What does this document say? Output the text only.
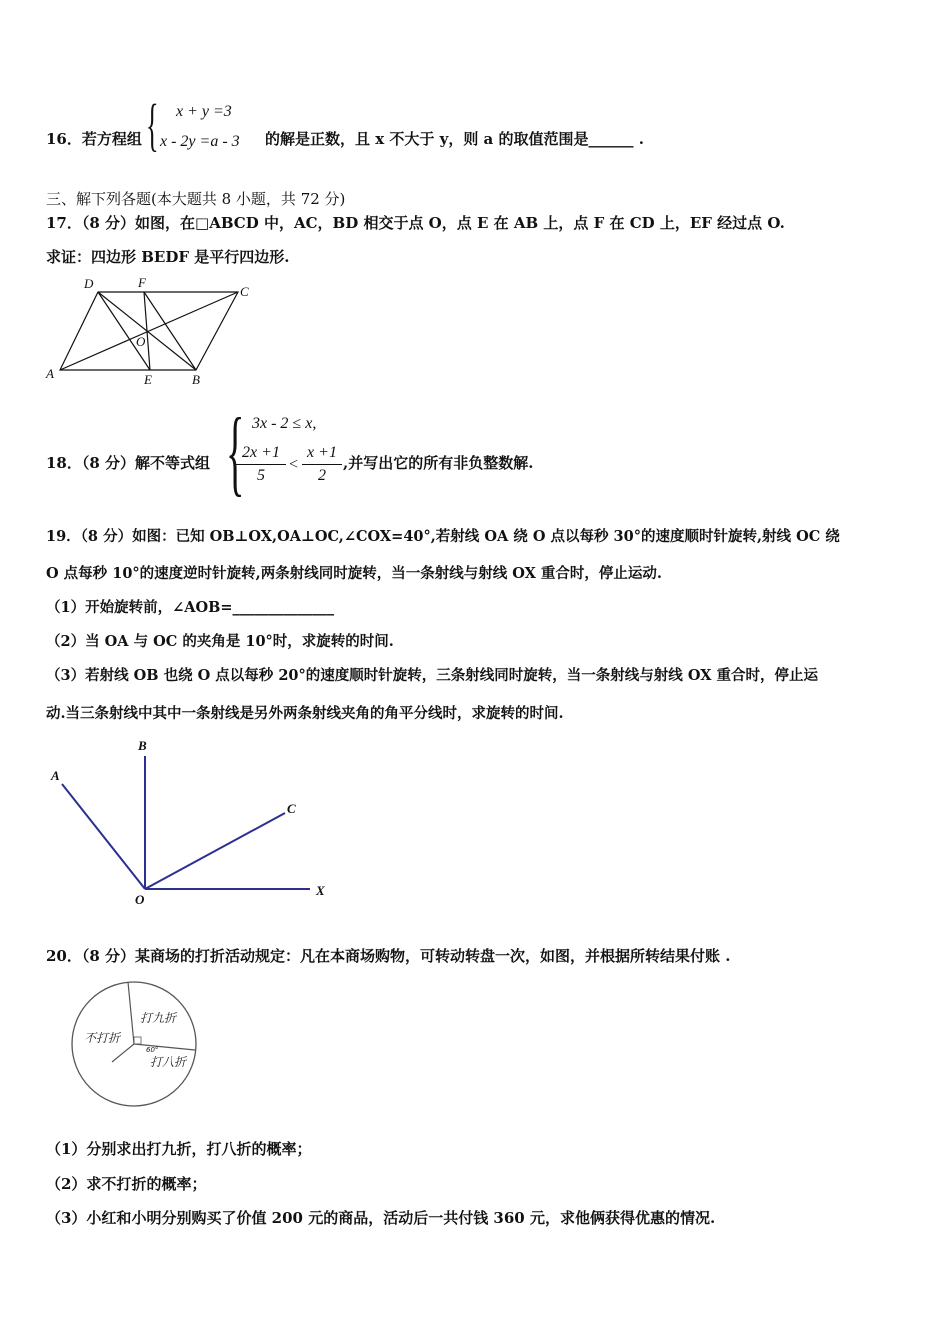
16．若方程组 { x + y =3
x - 2y =a - 3 的解是正数，且 x 不大于 y，则 a 的取值范围是______ .
三、解下列各题(本大题共 8 小题，共 72 分)
17．（8 分）如图，在□ABCD 中，AC，BD 相交于点 O，点 E 在 AB 上，点 F 在 CD 上，EF 经过点 O.
求证：四边形 BEDF 是平行四边形.
A	B
C
D
E
F
O
18．（8 分）解不等式组 { 3x - 2 ≤ x,
$\frac{2x +1}{5} < \frac{x +1}{2}$ ,并写出它的所有非负整数解.
19．（8 分）如图：已知 OB⊥OX,OA⊥OC,∠COX=40°,若射线 OA 绕 O 点以每秒 30°的速度顺时针旋转,射线 OC 绕
O 点每秒 10°的速度逆时针旋转,两条射线同时旋转，当一条射线与射线 OX 重合时，停止运动.
（1）开始旋转前，∠AOB=______________
（2）当 OA 与 OC 的夹角是 10°时，求旋转的时间.
（3）若射线 OB 也绕 O 点以每秒 20°的速度顺时针旋转，三条射线同时旋转，当一条射线与射线 OX 重合时，停止运
动.当三条射线中其中一条射线是另外两条射线夹角的角平分线时，求旋转的时间.
B
A
C
O
X
20．（8 分）某商场的打折活动规定：凡在本商场购物，可转动转盘一次，如图，并根据所转结果付账 .
打九折
不打折
打八折
60°
（1）分别求出打九折，打八折的概率；
（2）求不打折的概率；
（3）小红和小明分别购买了价值 200 元的商品，活动后一共付钱 360 元，求他俩获得优惠的情况.
